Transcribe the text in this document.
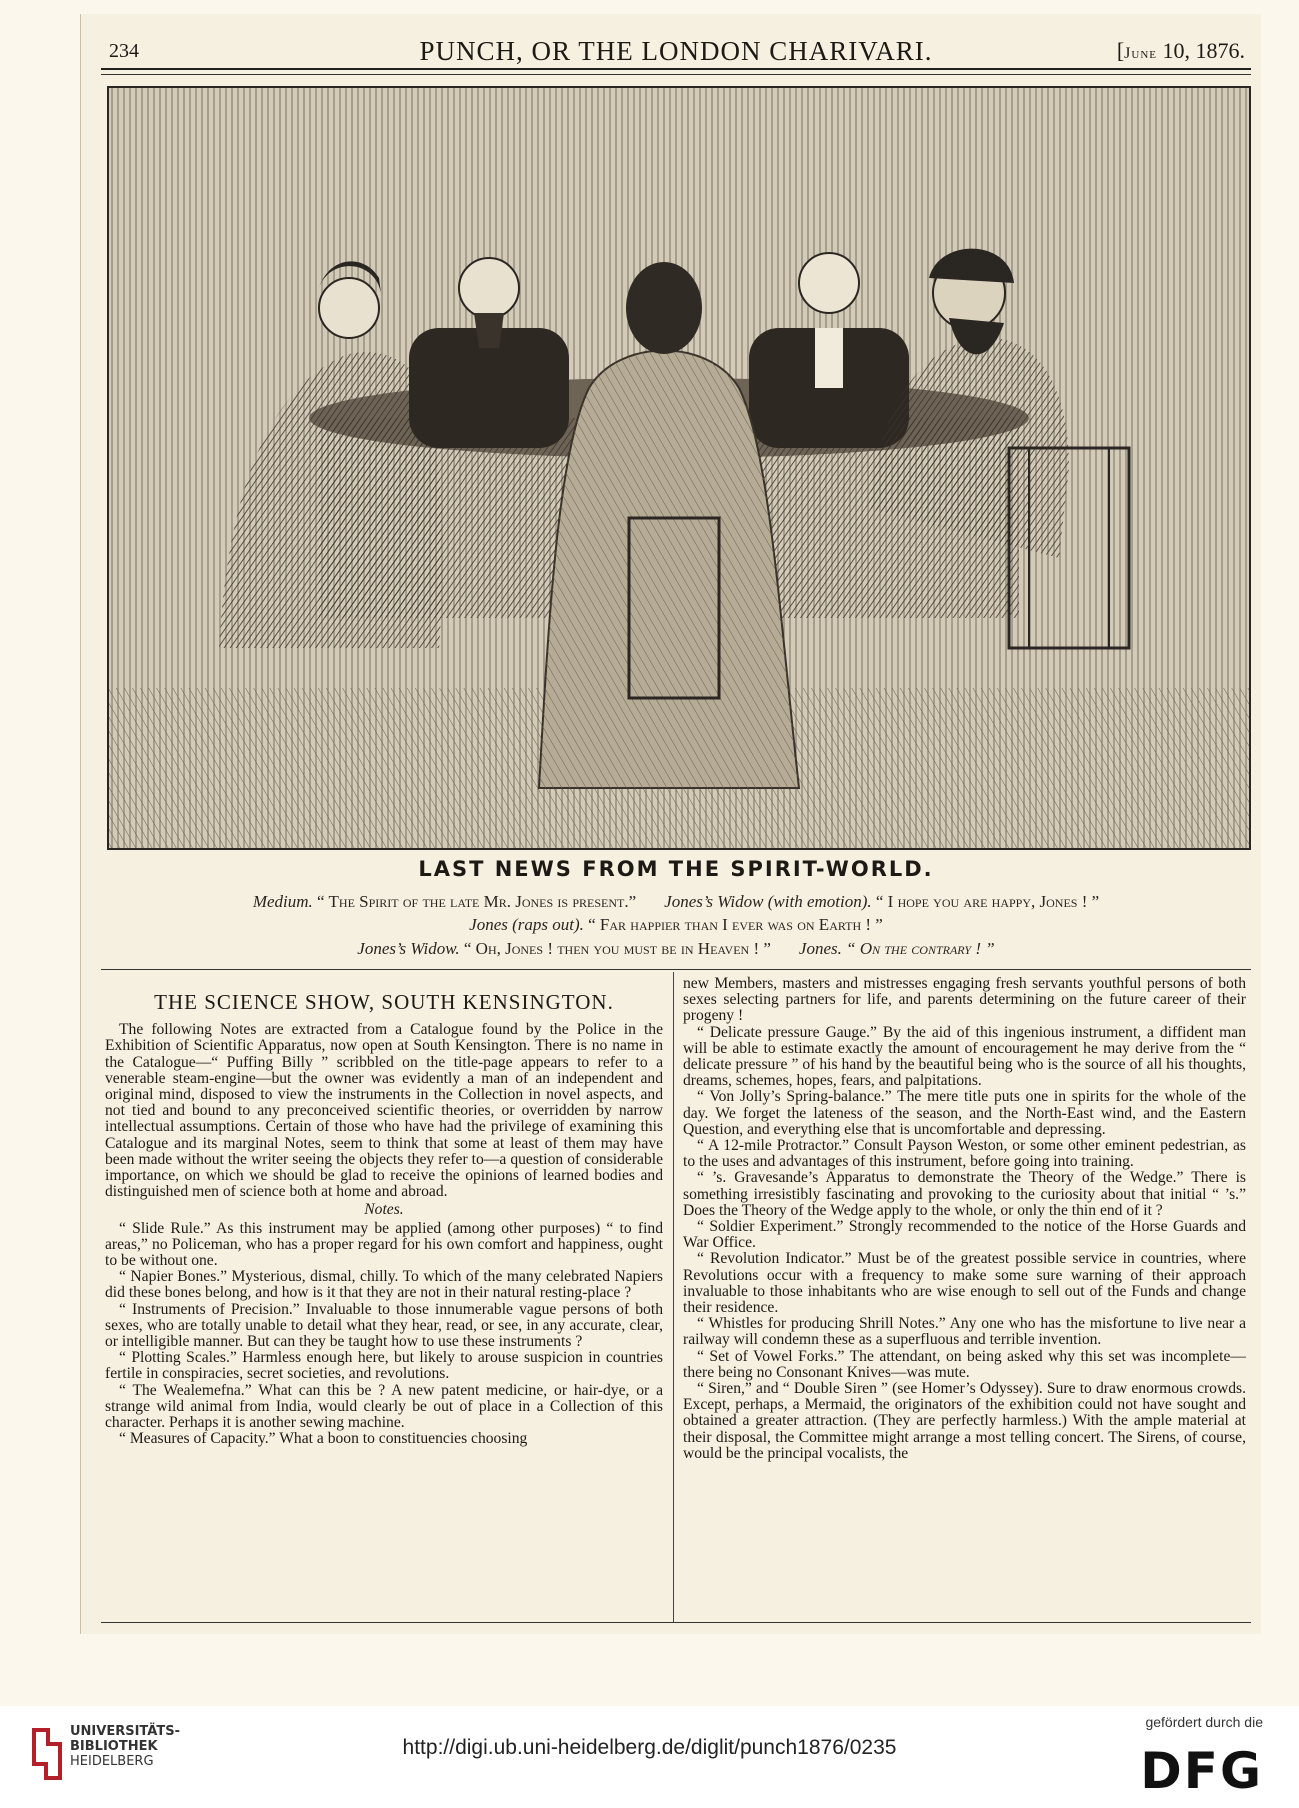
234	PUNCH, OR THE LONDON CHARIVARI.	[June 10, 1876.
LAST NEWS FROM THE SPIRIT-WORLD.
Medium. “ The Spirit of the late Mr. Jones is present.” Jones’s Widow (with emotion). “ I hope you are happy, Jones ! ”
Jones (raps out). “ Far happier than I ever was on Earth ! ”
Jones’s Widow. “ Oh, Jones ! then you must be in Heaven ! ” Jones. “ On the contrary ! ”

THE SCIENCE SHOW, SOUTH KENSINGTON.

The following Notes are extracted from a Catalogue found by the Police in the Exhibition of Scientific Apparatus, now open at South Kensington. There is no name in the Catalogue—“ Puffing Billy ” scribbled on the title-page appears to refer to a venerable steam-engine—but the owner was evidently a man of an independent and original mind, disposed to view the instruments in the Collection in novel aspects, and not tied and bound to any preconceived scientific theories, or overridden by narrow intellectual assumptions. Certain of those who have had the privilege of examining this Catalogue and its marginal Notes, seem to think that some at least of them may have been made without the writer seeing the objects they refer to—a question of considerable importance, on which we should be glad to receive the opinions of learned bodies and distinguished men of science both at home and abroad.

Notes.

“ Slide Rule.” As this instrument may be applied (among other purposes) “ to find areas,” no Policeman, who has a proper regard for his own comfort and happiness, ought to be without one.

“ Napier Bones.” Mysterious, dismal, chilly. To which of the many celebrated Napiers did these bones belong, and how is it that they are not in their natural resting-place ?

“ Instruments of Precision.” Invaluable to those innumerable vague persons of both sexes, who are totally unable to detail what they hear, read, or see, in any accurate, clear, or intelligible manner. But can they be taught how to use these instruments ?

“ Plotting Scales.” Harmless enough here, but likely to arouse suspicion in countries fertile in conspiracies, secret societies, and revolutions.

“ The Wealemefna.” What can this be ? A new patent medicine, or hair-dye, or a strange wild animal from India, would clearly be out of place in a Collection of this character. Perhaps it is another sewing machine.

“ Measures of Capacity.” What a boon to constituencies choosing

new Members, masters and mistresses engaging fresh servants youthful persons of both sexes selecting partners for life, and parents determining on the future career of their progeny !

“ Delicate pressure Gauge.” By the aid of this ingenious instrument, a diffident man will be able to estimate exactly the amount of encouragement he may derive from the “ delicate pressure ” of his hand by the beautiful being who is the source of all his thoughts, dreams, schemes, hopes, fears, and palpitations.

“ Von Jolly’s Spring-balance.” The mere title puts one in spirits for the whole of the day. We forget the lateness of the season, and the North-East wind, and the Eastern Question, and everything else that is uncomfortable and depressing.

“ A 12-mile Protractor.” Consult Payson Weston, or some other eminent pedestrian, as to the uses and advantages of this instrument, before going into training.

“ ’s. Gravesande’s Apparatus to demonstrate the Theory of the Wedge.” There is something irresistibly fascinating and provoking to the curiosity about that initial “ ’s.” Does the Theory of the Wedge apply to the whole, or only the thin end of it ?

“ Soldier Experiment.” Strongly recommended to the notice of the Horse Guards and War Office.

“ Revolution Indicator.” Must be of the greatest possible service in countries, where Revolutions occur with a frequency to make some sure warning of their approach invaluable to those inhabitants who are wise enough to sell out of the Funds and change their residence.

“ Whistles for producing Shrill Notes.” Any one who has the misfortune to live near a railway will condemn these as a superfluous and terrible invention.

“ Set of Vowel Forks.” The attendant, on being asked why this set was incomplete—there being no Consonant Knives—was mute.

“ Siren,” and “ Double Siren ” (see Homer’s Odyssey). Sure to draw enormous crowds. Except, perhaps, a Mermaid, the originators of the exhibition could not have sought and obtained a greater attraction. (They are perfectly harmless.) With the ample material at their disposal, the Committee might arrange a most telling concert. The Sirens, of course, would be the principal vocalists, the

UNIVERSITÄTS-
BIBLIOTHEK
HEIDELBERG
http://digi.ub.uni-heidelberg.de/diglit/punch1876/0235
gefördert durch die
DFG
